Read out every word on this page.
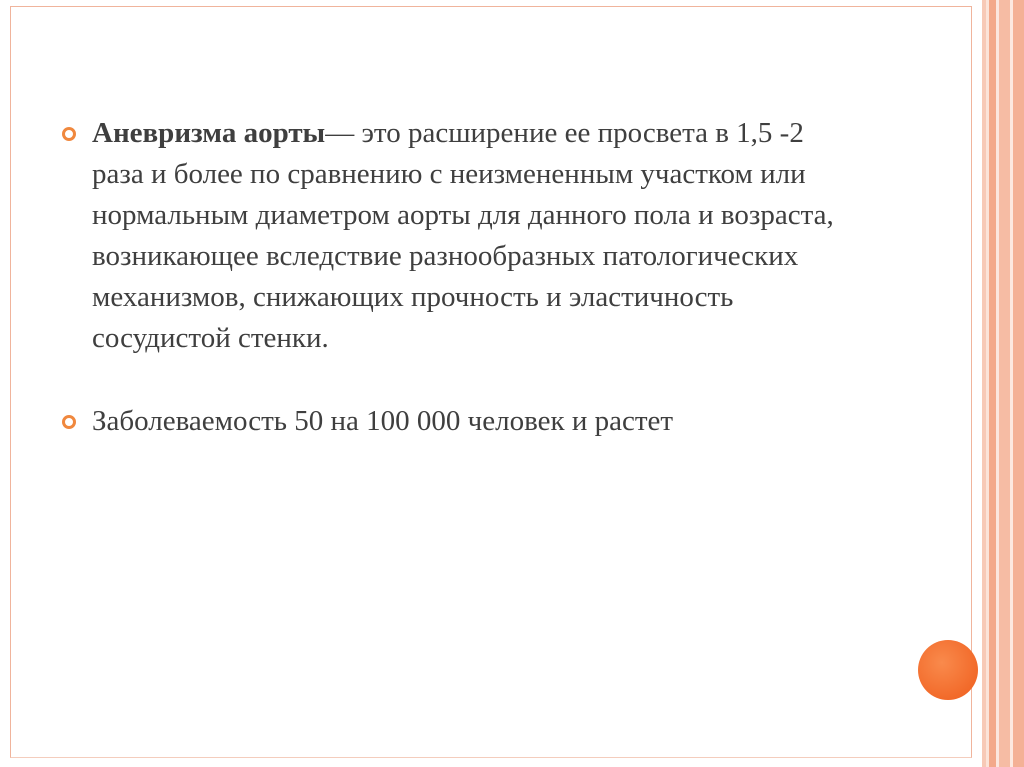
Аневризма аорты— это расширение ее просвета в 1,5 -2 раза и более по сравнению с неизмененным участком или нормальным диаметром аорты для данного пола и возраста, возникающее вследствие разнообразных патологических механизмов, снижающих прочность и эластичность сосудистой стенки.
Заболеваемость 50 на 100 000 человек и растет
